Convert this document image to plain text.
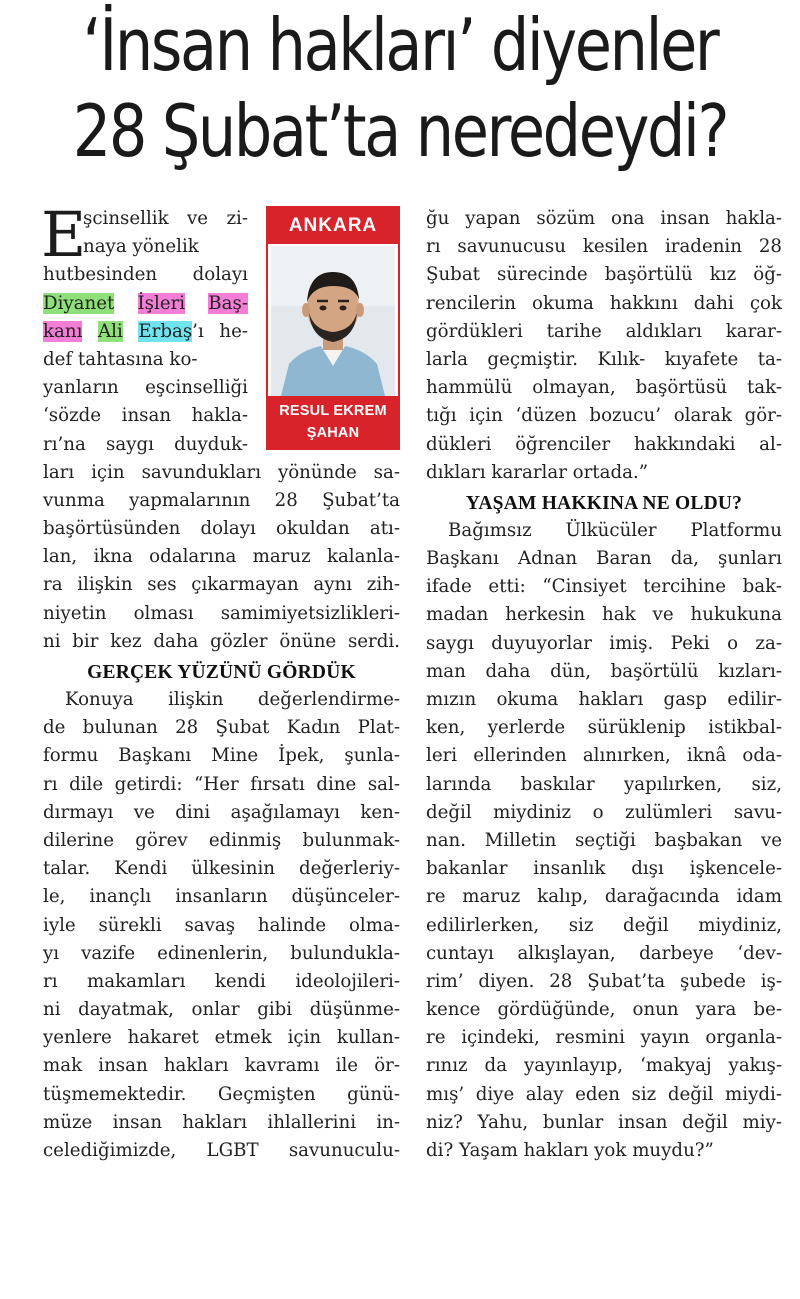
‘İnsan hakları’ diyenler
28 Şubat’ta neredeydi?
ANKARA
RESUL EKREM
ŞAHAN
E
şcinsellik ve zi-
naya yönelik
hutbesinden dolayı
Diyanet İşleri Baş-
kanı Ali Erbaş’ı he-
def tahtasına ko-
yanların eşcinselliği
‘sözde insan hakla-
rı’na saygı duyduk-
ları için savundukları yönünde sa-
vunma yapmalarının 28 Şubat’ta
başörtüsünden dolayı okuldan atı-
lan, ikna odalarına maruz kalanla-
ra ilişkin ses çıkarmayan aynı zih-
niyetin olması samimiyetsizlikleri-
ni bir kez daha gözler önüne serdi.
GERÇEK YÜZÜNÜ GÖRDÜK
Konuya ilişkin değerlendirme-
de bulunan 28 Şubat Kadın Plat-
formu Başkanı Mine İpek, şunla-
rı dile getirdi: “Her fırsatı dine sal-
dırmayı ve dini aşağılamayı ken-
dilerine görev edinmiş bulunmak-
talar. Kendi ülkesinin değerleriy-
le, inançlı insanların düşünceler-
iyle sürekli savaş halinde olma-
yı vazife edinenlerin, bulundukla-
rı makamları kendi ideolojileri-
ni dayatmak, onlar gibi düşünme-
yenlere hakaret etmek için kullan-
mak insan hakları kavramı ile ör-
tüşmemektedir. Geçmişten günü-
müze insan hakları ihlallerini in-
celediğimizde, LGBT savunuculu-
ğu yapan sözüm ona insan hakla-
rı savunucusu kesilen iradenin 28
Şubat sürecinde başörtülü kız öğ-
rencilerin okuma hakkını dahi çok
gördükleri tarihe aldıkları karar-
larla geçmiştir. Kılık- kıyafete ta-
hammülü olmayan, başörtüsü tak-
tığı için ‘düzen bozucu’ olarak gör-
dükleri öğrenciler hakkındaki al-
dıkları kararlar ortada.”
YAŞAM HAKKINA NE OLDU?
Bağımsız Ülkücüler Platformu
Başkanı Adnan Baran da, şunları
ifade etti: “Cinsiyet tercihine bak-
madan herkesin hak ve hukukuna
saygı duyuyorlar imiş. Peki o za-
man daha dün, başörtülü kızları-
mızın okuma hakları gasp edilir-
ken, yerlerde sürüklenip istikbal-
leri ellerinden alınırken, iknâ oda-
larında baskılar yapılırken, siz,
değil miydiniz o zulümleri savu-
nan. Milletin seçtiği başbakan ve
bakanlar insanlık dışı işkencele-
re maruz kalıp, darağacında idam
edilirlerken, siz değil miydiniz,
cuntayı alkışlayan, darbeye ‘dev-
rim’ diyen. 28 Şubat’ta şubede iş-
kence gördüğünde, onun yara be-
re içindeki, resmini yayın organla-
rınız da yayınlayıp, ‘makyaj yakış-
mış’ diye alay eden siz değil miydi-
niz? Yahu, bunlar insan değil miy-
di? Yaşam hakları yok muydu?”
